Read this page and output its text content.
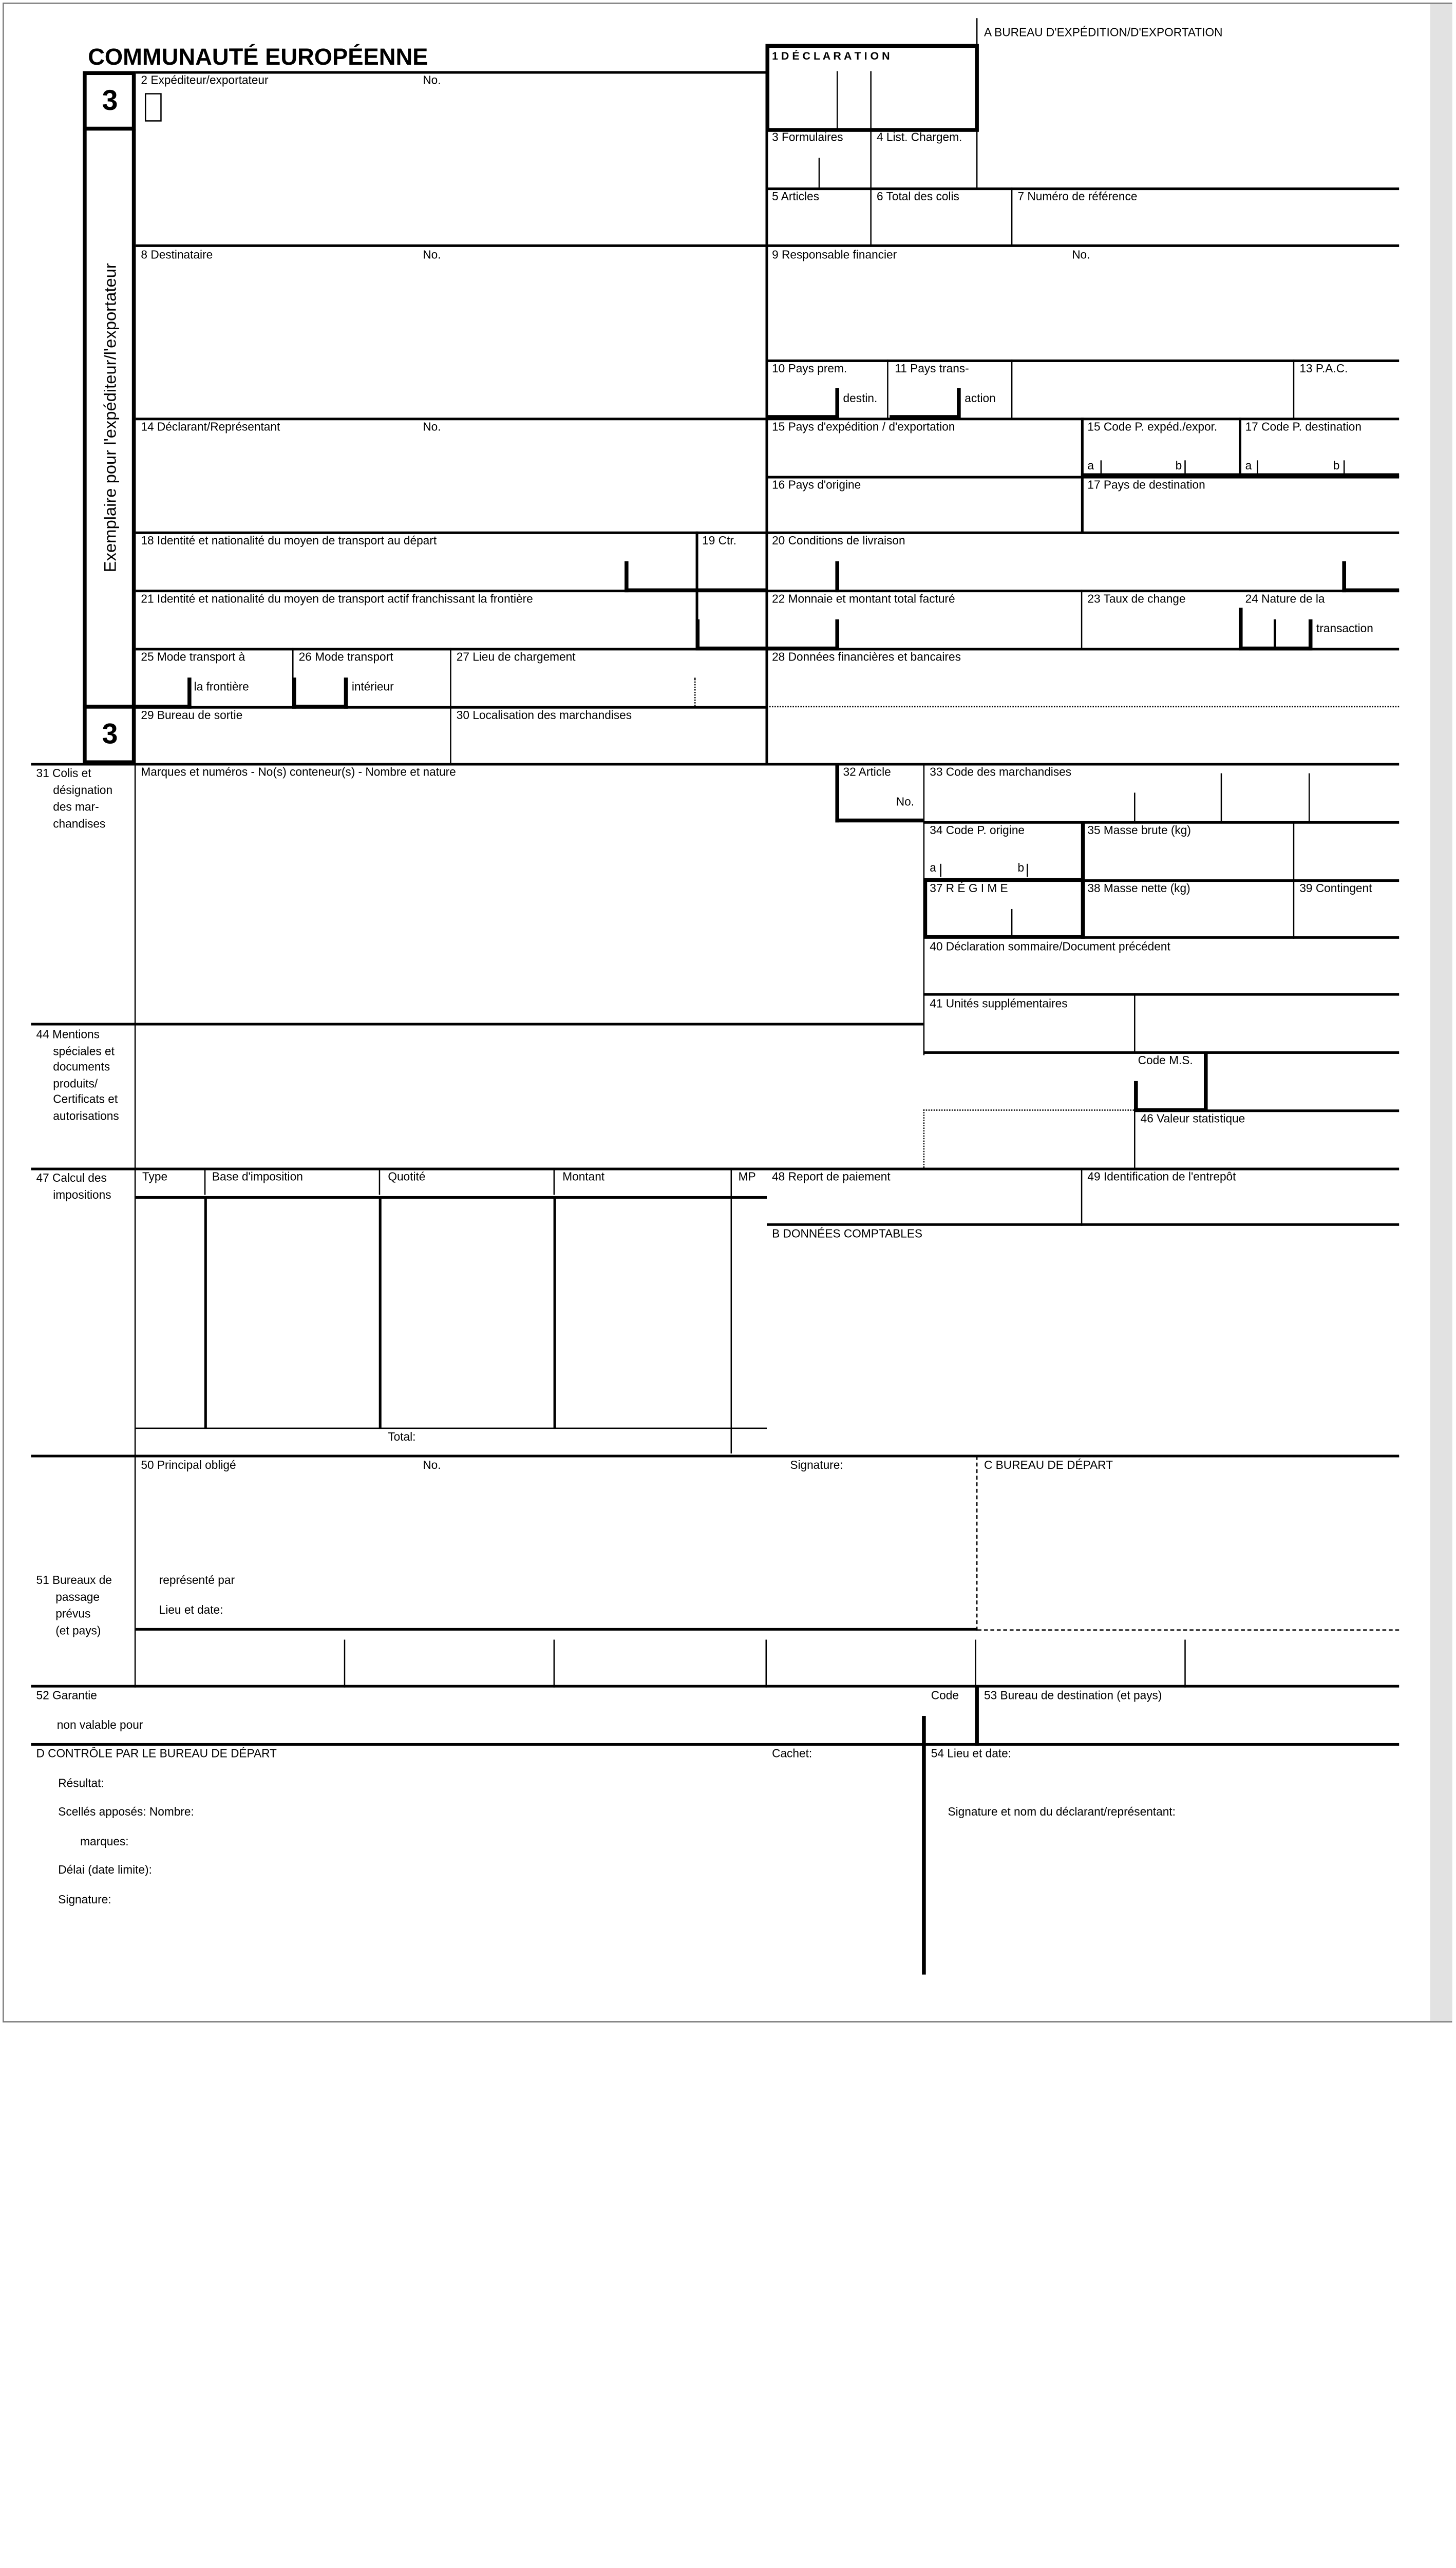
COMMUNAUTÉ EUROPÉENNE
A BUREAU D'EXPÉDITION/D'EXPORTATION
1 D É C L A R A T I O N
3
Exemplaire pour l'expéditeur/l'exportateur
3
2 Expéditeur/exportateur	No.
3 Formulaires	4 List. Chargem.
5 Articles	6 Total des colis	7 Numéro de référence
8 Destinataire	No.	9 Responsable financier	No.
10 Pays prem.
destin.
11 Pays trans-
action
13 P.A.C.
14 Déclarant/Représentant	No.	15 Pays d'expédition / d'exportation	15 Code P. expéd./expor.	17 Code P. destination
a	b	a	b
16 Pays d'origine	17 Pays de destination
18 Identité et nationalité du moyen de transport au départ	19 Ctr.	20 Conditions de livraison
21 Identité et nationalité du moyen de transport actif franchissant la frontière	22 Monnaie et montant total facturé	23 Taux de change	24 Nature de la
transaction
25 Mode transport à
la frontière
26 Mode transport
intérieur
27 Lieu de chargement	28 Données financières et bancaires
29 Bureau de sortie	30 Localisation des marchandises
31 Colis et
désignation
des mar-
chandises
Marques et numéros - No(s) conteneur(s) - Nombre et nature	32 Article
No.
33 Code des marchandises
34 Code P. origine
a	b
35 Masse brute (kg)
37 R É G I M E	38 Masse nette (kg)	39 Contingent
40 Déclaration sommaire/Document précédent
41 Unités supplémentaires
44 Mentions
spéciales et
documents
produits/
Certificats et
autorisations
Code M.S.
46 Valeur statistique
47 Calcul des
impositions
Type	Base d'imposition	Quotité	Montant	MP
Total:
48 Report de paiement	49 Identification de l'entrepôt
B DONNÉES COMPTABLES
50 Principal obligé	No.	Signature:	C BUREAU DE DÉPART
51 Bureaux de
passage
prévus
(et pays)
représenté par
Lieu et date:
52 Garantie
non valable pour
Code	53 Bureau de destination (et pays)
D CONTRÔLE PAR LE BUREAU DE DÉPART	Cachet:	54 Lieu et date:
Résultat:
Scellés apposés: Nombre:
marques:
Délai (date limite):
Signature:
Signature et nom du déclarant/représentant:
